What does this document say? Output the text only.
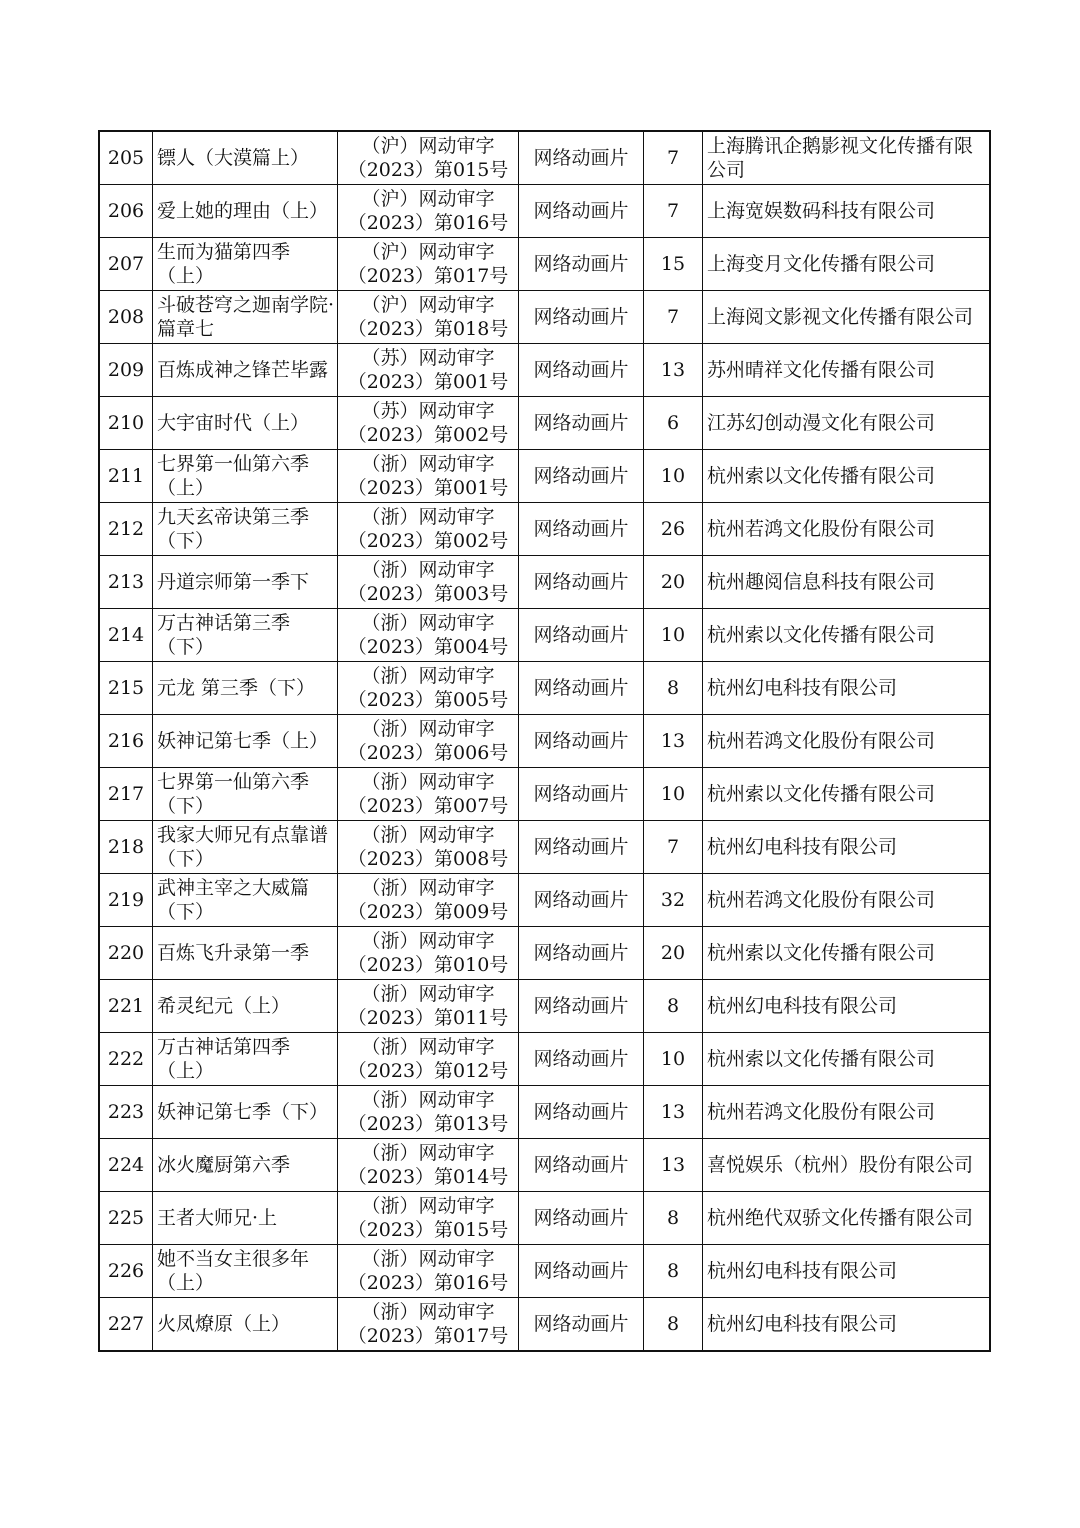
205	镖人（大漠篇上）	（沪）网动审字
（2023）第015号	网络动画片	7	上海腾讯企鹅影视文化传播有限公司

206	爱上她的理由（上）	（沪）网动审字
（2023）第016号	网络动画片	7	上海宽娱数码科技有限公司

207	生而为猫第四季（上）	（沪）网动审字
（2023）第017号	网络动画片	15	上海变月文化传播有限公司

208	斗破苍穹之迦南学院·篇章七	（沪）网动审字
（2023）第018号	网络动画片	7	上海阅文影视文化传播有限公司

209	百炼成神之锋芒毕露	（苏）网动审字
（2023）第001号	网络动画片	13	苏州晴祥文化传播有限公司

210	大宇宙时代（上）	（苏）网动审字
（2023）第002号	网络动画片	6	江苏幻创动漫文化有限公司

211	七界第一仙第六季（上）	（浙）网动审字
（2023）第001号	网络动画片	10	杭州索以文化传播有限公司

212	九天玄帝诀第三季（下）	（浙）网动审字
（2023）第002号	网络动画片	26	杭州若鸿文化股份有限公司

213	丹道宗师第一季下	（浙）网动审字
（2023）第003号	网络动画片	20	杭州趣阅信息科技有限公司

214	万古神话第三季（下）	（浙）网动审字
（2023）第004号	网络动画片	10	杭州索以文化传播有限公司

215	元龙 第三季（下）	（浙）网动审字
（2023）第005号	网络动画片	8	杭州幻电科技有限公司

216	妖神记第七季（上）	（浙）网动审字
（2023）第006号	网络动画片	13	杭州若鸿文化股份有限公司

217	七界第一仙第六季（下）	（浙）网动审字
（2023）第007号	网络动画片	10	杭州索以文化传播有限公司

218	我家大师兄有点靠谱（下）	（浙）网动审字
（2023）第008号	网络动画片	7	杭州幻电科技有限公司

219	武神主宰之大威篇（下）	（浙）网动审字
（2023）第009号	网络动画片	32	杭州若鸿文化股份有限公司

220	百炼飞升录第一季	（浙）网动审字
（2023）第010号	网络动画片	20	杭州索以文化传播有限公司

221	希灵纪元（上）	（浙）网动审字
（2023）第011号	网络动画片	8	杭州幻电科技有限公司

222	万古神话第四季（上）	（浙）网动审字
（2023）第012号	网络动画片	10	杭州索以文化传播有限公司

223	妖神记第七季（下）	（浙）网动审字
（2023）第013号	网络动画片	13	杭州若鸿文化股份有限公司

224	冰火魔厨第六季	（浙）网动审字
（2023）第014号	网络动画片	13	喜悦娱乐（杭州）股份有限公司

225	王者大师兄·上	（浙）网动审字
（2023）第015号	网络动画片	8	杭州绝代双骄文化传播有限公司

226	她不当女主很多年（上）	（浙）网动审字
（2023）第016号	网络动画片	8	杭州幻电科技有限公司

227	火凤燎原（上）	（浙）网动审字
（2023）第017号	网络动画片	8	杭州幻电科技有限公司
